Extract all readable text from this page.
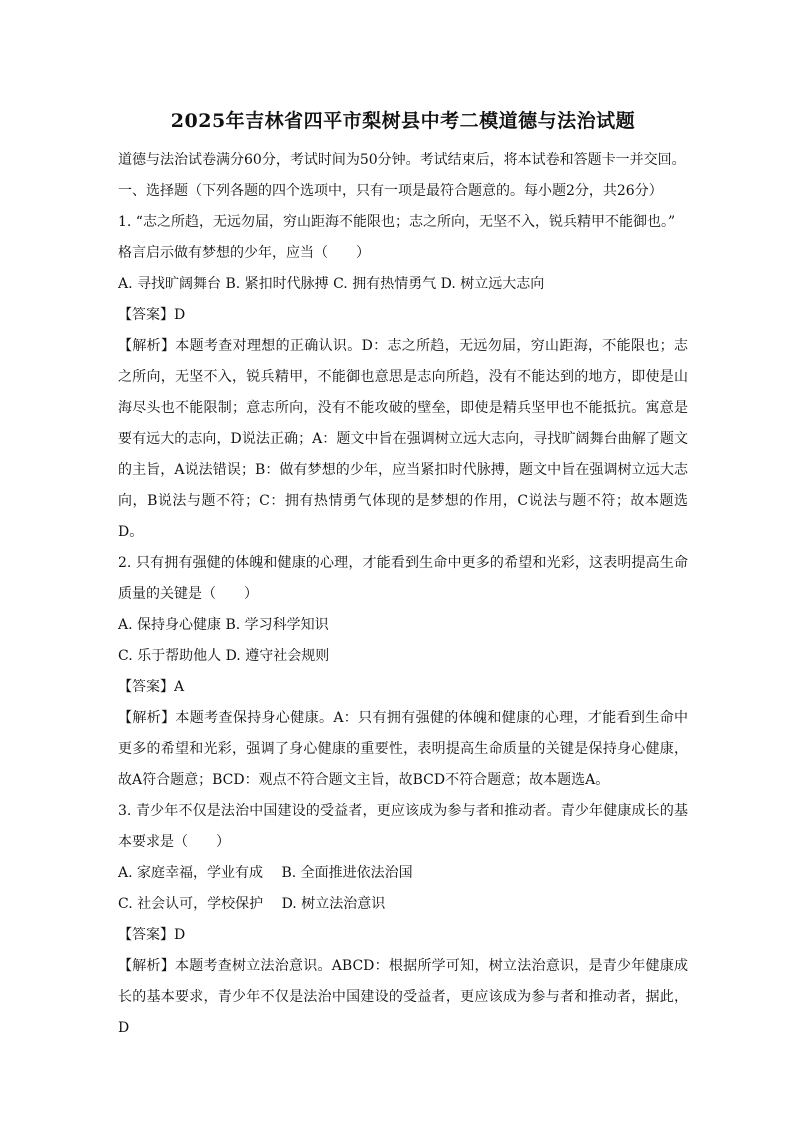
2025年吉林省四平市梨树县中考二模道德与法治试题

道德与法治试卷满分60分，考试时间为50分钟。考试结束后，将本试卷和答题卡一并交回。

一、选择题（下列各题的四个选项中，只有一项是最符合题意的。每小题2分，共26分）

1. “志之所趋，无远勿届，穷山距海不能限也；志之所向，无坚不入，锐兵精甲不能御也。”

格言启示做有梦想的少年，应当（　　）

A. 寻找旷阔舞台 B. 紧扣时代脉搏 C. 拥有热情勇气 D. 树立远大志向

【答案】D

【解析】本题考查对理想的正确认识。D：志之所趋，无远勿届，穷山距海，不能限也；志之所向，无坚不入，锐兵精甲，不能御也意思是志向所趋，没有不能达到的地方，即使是山海尽头也不能限制；意志所向，没有不能攻破的壁垒，即使是精兵坚甲也不能抵抗。寓意是要有远大的志向，D说法正确；A：题文中旨在强调树立远大志向，寻找旷阔舞台曲解了题文的主旨，A说法错误；B：做有梦想的少年，应当紧扣时代脉搏，题文中旨在强调树立远大志向，B说法与题不符；C：拥有热情勇气体现的是梦想的作用，C说法与题不符；故本题选D。

2. 只有拥有强健的体魄和健康的心理，才能看到生命中更多的希望和光彩，这表明提高生命质量的关键是（　　）

A. 保持身心健康 B. 学习科学知识

C. 乐于帮助他人 D. 遵守社会规则

【答案】A

【解析】本题考查保持身心健康。A：只有拥有强健的体魄和健康的心理，才能看到生命中更多的希望和光彩，强调了身心健康的重要性，表明提高生命质量的关键是保持身心健康，故A符合题意；BCD：观点不符合题文主旨，故BCD不符合题意；故本题选A。

3. 青少年不仅是法治中国建设的受益者，更应该成为参与者和推动者。青少年健康成长的基本要求是（　　）

A. 家庭幸福，学业有成　 B. 全面推进依法治国

C. 社会认可，学校保护　 D. 树立法治意识

【答案】D

【解析】本题考查树立法治意识。ABCD：根据所学可知，树立法治意识，是青少年健康成长的基本要求，青少年不仅是法治中国建设的受益者，更应该成为参与者和推动者，据此，D
